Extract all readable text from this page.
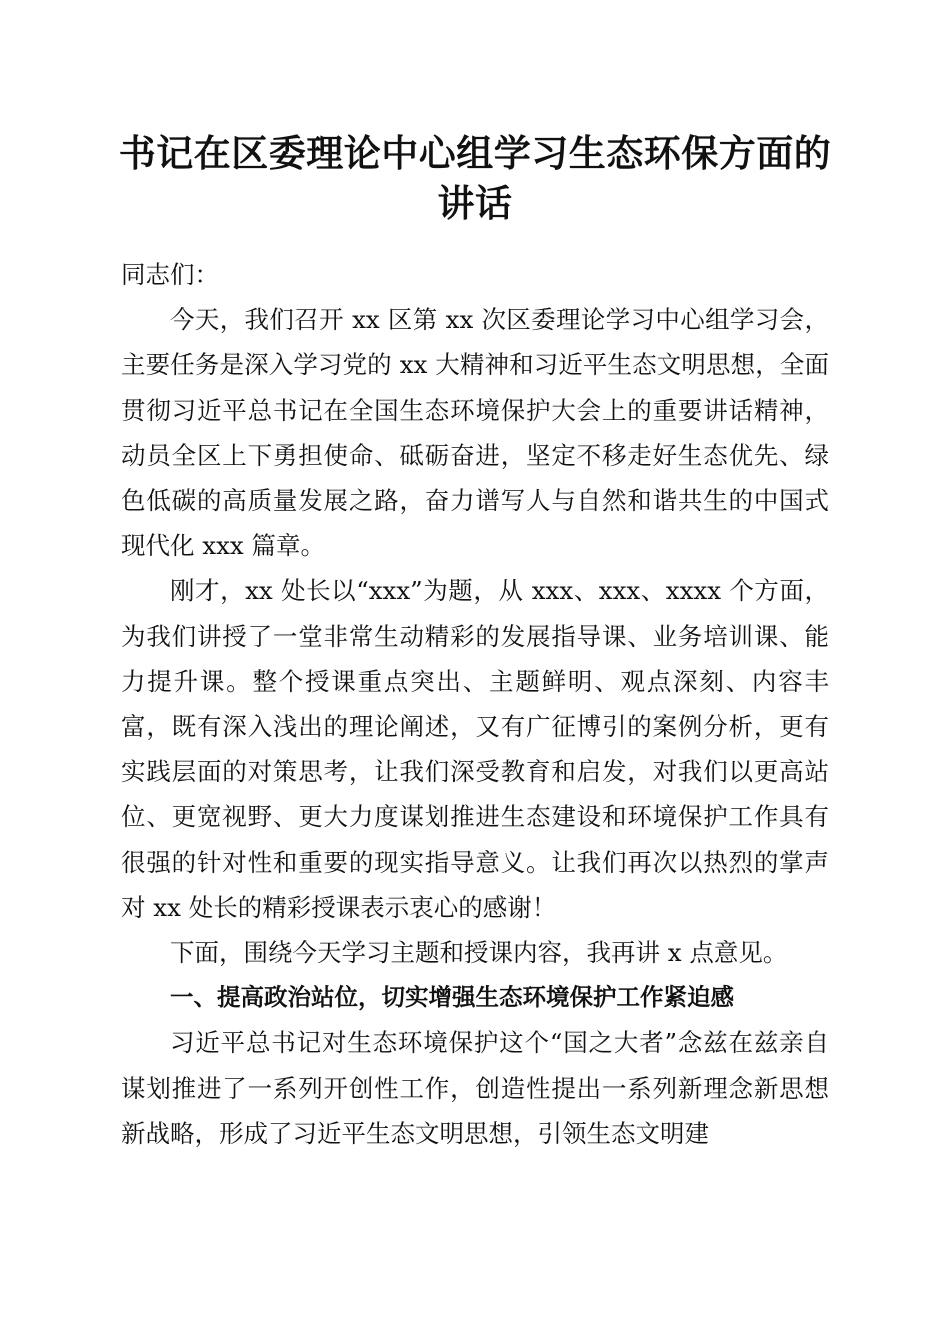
书记在区委理论中心组学习生态环保方面的讲话

同志们：

今天，我们召开 xx 区第 xx 次区委理论学习中心组学习会，主要任务是深入学习党的 xx 大精神和习近平生态文明思想，全面贯彻习近平总书记在全国生态环境保护大会上的重要讲话精神，动员全区上下勇担使命、砥砺奋进，坚定不移走好生态优先、绿色低碳的高质量发展之路，奋力谱写人与自然和谐共生的中国式现代化 xxx 篇章。

刚才，xx 处长以“xxx”为题，从 xxx、xxx、xxxx 个方面，为我们讲授了一堂非常生动精彩的发展指导课、业务培训课、能力提升课。整个授课重点突出、主题鲜明、观点深刻、内容丰富，既有深入浅出的理论阐述，又有广征博引的案例分析，更有实践层面的对策思考，让我们深受教育和启发，对我们以更高站位、更宽视野、更大力度谋划推进生态建设和环境保护工作具有很强的针对性和重要的现实指导意义。让我们再次以热烈的掌声对 xx 处长的精彩授课表示衷心的感谢！

下面，围绕今天学习主题和授课内容，我再讲 x 点意见。

一、提高政治站位，切实增强生态环境保护工作紧迫感

习近平总书记对生态环境保护这个“国之大者”念兹在兹亲自谋划推进了一系列开创性工作，创造性提出一系列新理念新思想新战略，形成了习近平生态文明思想，引领生态文明建
